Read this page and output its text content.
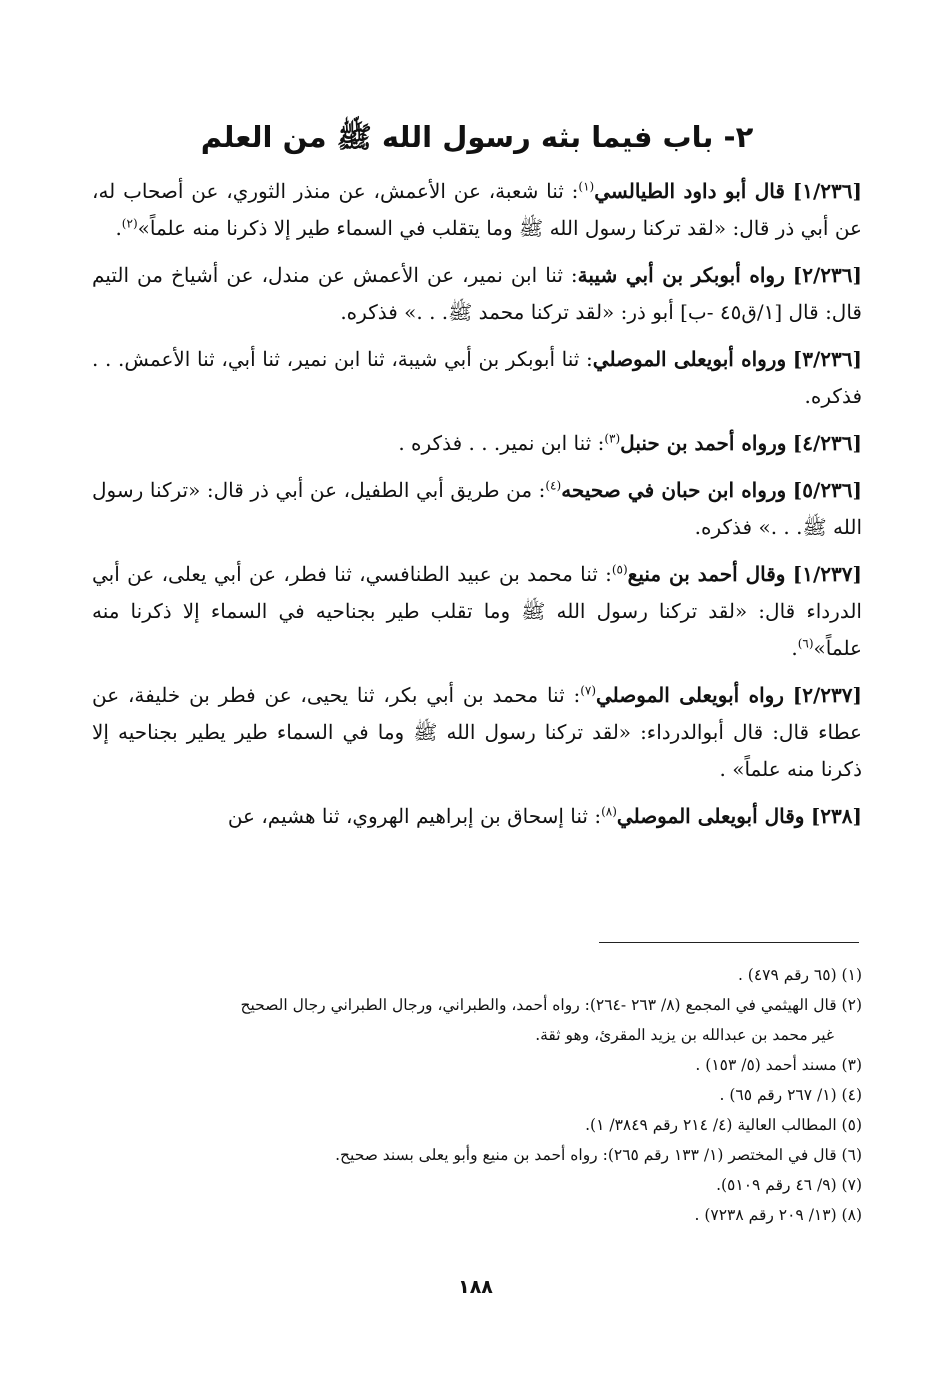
٢- باب فيما بثه رسول الله ﷺ من العلم

[١/٢٣٦] قال أبو داود الطيالسي$^{(١)}$: ثنا شعبة، عن الأعمش، عن منذر الثوري، عن أصحاب له، عن أبي ذر قال: «لقد تركنا رسول الله ﷺ وما يتقلب في السماء طير إلا ذكرنا منه علماً»$^{(٢)}$.

[٢/٢٣٦] رواه أبوبكر بن أبي شيبة: ثنا ابن نمير، عن الأعمش عن مندل، عن أشياخ من التيم قال: قال [١/ق٤٥ -ب] أبو ذر: «لقد تركنا محمد ﷺ. . .» فذكره.

[٣/٢٣٦] ورواه أبويعلى الموصلي: ثنا أبوبكر بن أبي شيبة، ثنا ابن نمير، ثنا أبي، ثنا الأعمش. . . فذكره.

[٤/٢٣٦] ورواه أحمد بن حنبل$^{(٣)}$: ثنا ابن نمير. . . فذكره .

[٥/٢٣٦] ورواه ابن حبان في صحيحه$^{(٤)}$: من طريق أبي الطفيل، عن أبي ذر قال: «تركنا رسول الله ﷺ. . .» فذكره.

[١/٢٣٧] وقال أحمد بن منيع$^{(٥)}$: ثنا محمد بن عبيد الطنافسي، ثنا فطر، عن أبي يعلى، عن أبي الدرداء قال: «لقد تركنا رسول الله ﷺ وما تقلب طير بجناحيه في السماء إلا ذكرنا منه علماً»$^{(٦)}$.

[٢/٢٣٧] رواه أبويعلى الموصلي$^{(٧)}$: ثنا محمد بن أبي بكر، ثنا يحيى، عن فطر بن خليفة، عن عطاء قال: قال أبوالدرداء: «لقد تركنا رسول الله ﷺ وما في السماء طير يطير بجناحيه إلا ذكرنا منه علماً» .

[٢٣٨] وقال أبويعلى الموصلي$^{(٨)}$: ثنا إسحاق بن إبراهيم الهروي، ثنا هشيم، عن

(١) (٦٥ رقم ٤٧٩) .

(٢) قال الهيثمي في المجمع (٨/ ٢٦٣ -٢٦٤): رواه أحمد، والطبراني، ورجال الطبراني رجال الصحيح

غير محمد بن عبدالله بن يزيد المقرئ، وهو ثقة.

(٣) مسند أحمد (٥/ ١٥٣) .

(٤) (١/ ٢٦٧ رقم ٦٥) .

(٥) المطالب العالية (٤/ ٢١٤ رقم ٣٨٤٩/ ١).

(٦) قال في المختصر (١/ ١٣٣ رقم ٢٦٥): رواه أحمد بن منيع وأبو يعلى بسند صحيح.

(٧) (٩/ ٤٦ رقم ٥١٠٩).

(٨) (١٣/ ٢٠٩ رقم ٧٢٣٨) .

١٨٨
